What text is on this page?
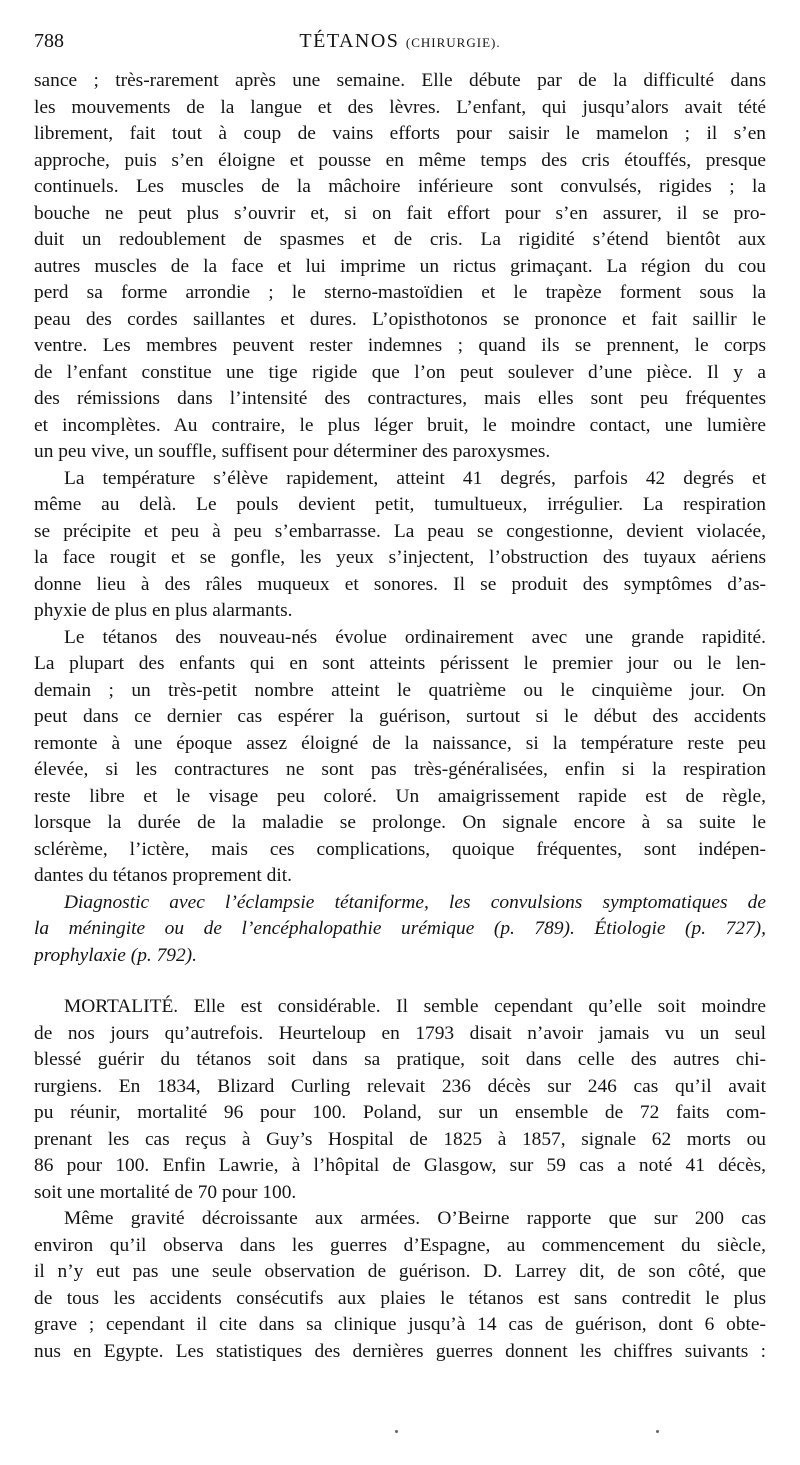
788	TÉTANOS (CHIRURGIE).
sance ; très-rarement après une semaine. Elle débute par de la difficulté dans
les mouvements de la langue et des lèvres. L’enfant, qui jusqu’alors avait tété
librement, fait tout à coup de vains efforts pour saisir le mamelon ; il s’en
approche, puis s’en éloigne et pousse en même temps des cris étouffés, presque
continuels. Les muscles de la mâchoire inférieure sont convulsés, rigides ; la
bouche ne peut plus s’ouvrir et, si on fait effort pour s’en assurer, il se pro-
duit un redoublement de spasmes et de cris. La rigidité s’étend bientôt aux
autres muscles de la face et lui imprime un rictus grimaçant. La région du cou
perd sa forme arrondie ; le sterno-mastoïdien et le trapèze forment sous la
peau des cordes saillantes et dures. L’opisthotonos se prononce et fait saillir le
ventre. Les membres peuvent rester indemnes ; quand ils se prennent, le corps
de l’enfant constitue une tige rigide que l’on peut soulever d’une pièce. Il y a
des rémissions dans l’intensité des contractures, mais elles sont peu fréquentes
et incomplètes. Au contraire, le plus léger bruit, le moindre contact, une lumière
un peu vive, un souffle, suffisent pour déterminer des paroxysmes.
La température s’élève rapidement, atteint 41 degrés, parfois 42 degrés et
même au delà. Le pouls devient petit, tumultueux, irrégulier. La respiration
se précipite et peu à peu s’embarrasse. La peau se congestionne, devient violacée,
la face rougit et se gonfle, les yeux s’injectent, l’obstruction des tuyaux aériens
donne lieu à des râles muqueux et sonores. Il se produit des symptômes d’as-
phyxie de plus en plus alarmants.
Le tétanos des nouveau-nés évolue ordinairement avec une grande rapidité.
La plupart des enfants qui en sont atteints périssent le premier jour ou le len-
demain ; un très-petit nombre atteint le quatrième ou le cinquième jour. On
peut dans ce dernier cas espérer la guérison, surtout si le début des accidents
remonte à une époque assez éloigné de la naissance, si la température reste peu
élevée, si les contractures ne sont pas très-généralisées, enfin si la respiration
reste libre et le visage peu coloré. Un amaigrissement rapide est de règle,
lorsque la durée de la maladie se prolonge. On signale encore à sa suite le
sclérème, l’ictère, mais ces complications, quoique fréquentes, sont indépen-
dantes du tétanos proprement dit.
Diagnostic avec l’éclampsie tétaniforme, les convulsions symptomatiques de
la méningite ou de l’encéphalopathie urémique (p. 789). Étiologie (p. 727),
prophylaxie (p. 792).
MORTALITÉ. Elle est considérable. Il semble cependant qu’elle soit moindre
de nos jours qu’autrefois. Heurteloup en 1793 disait n’avoir jamais vu un seul
blessé guérir du tétanos soit dans sa pratique, soit dans celle des autres chi-
rurgiens. En 1834, Blizard Curling relevait 236 décès sur 246 cas qu’il avait
pu réunir, mortalité 96 pour 100. Poland, sur un ensemble de 72 faits com-
prenant les cas reçus à Guy’s Hospital de 1825 à 1857, signale 62 morts ou
86 pour 100. Enfin Lawrie, à l’hôpital de Glasgow, sur 59 cas a noté 41 décès,
soit une mortalité de 70 pour 100.
Même gravité décroissante aux armées. O’Beirne rapporte que sur 200 cas
environ qu’il observa dans les guerres d’Espagne, au commencement du siècle,
il n’y eut pas une seule observation de guérison. D. Larrey dit, de son côté, que
de tous les accidents consécutifs aux plaies le tétanos est sans contredit le plus
grave ; cependant il cite dans sa clinique jusqu’à 14 cas de guérison, dont 6 obte-
nus en Egypte. Les statistiques des dernières guerres donnent les chiffres suivants :
